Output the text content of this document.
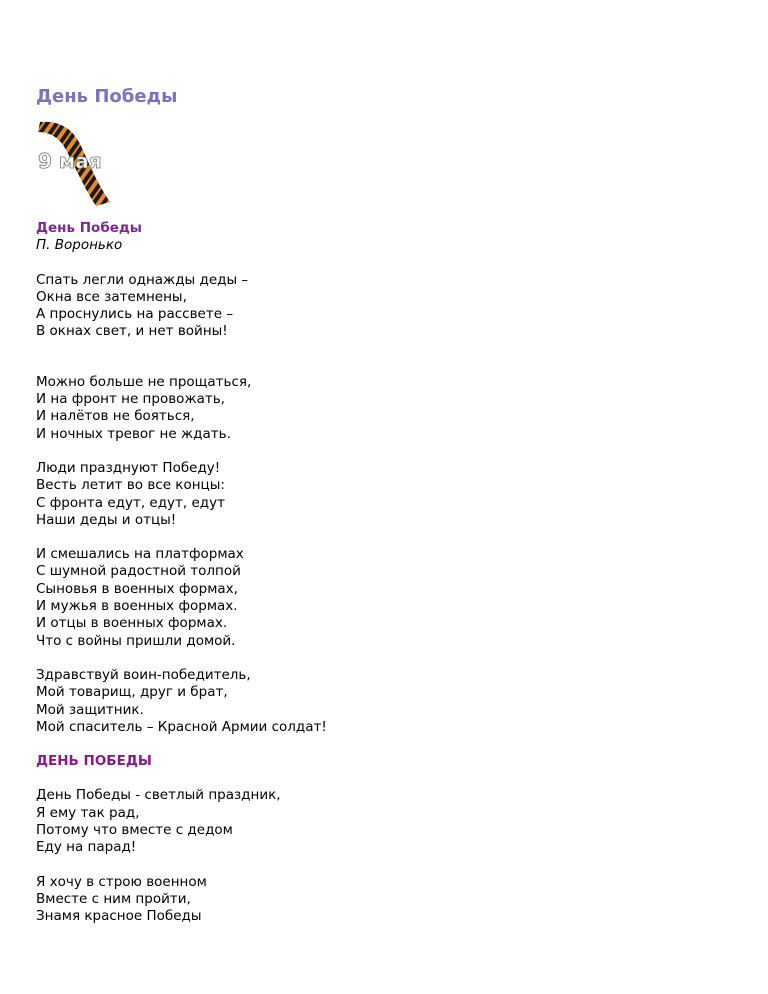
День Победы
9 мая
День Победы

П. Воронько

Спать легли однажды деды –
Окна все затемнены,
А проснулись на рассвете –
В окнах свет, и нет войны!
Можно больше не прощаться,
И на фронт не провожать,
И налётов не бояться,
И ночных тревог не ждать.
Люди празднуют Победу!
Весть летит во все концы:
С фронта едут, едут, едут
Наши деды и отцы!
И смешались на платформах
С шумной радостной толпой
Сыновья в военных формах,
И мужья в военных формах.
И отцы в военных формах.
Что с войны пришли домой.
Здравствуй воин-победитель,
Мой товарищ, друг и брат,
Мой защитник.
Мой спаситель – Красной Армии солдат!
ДЕНЬ ПОБЕДЫ
День Победы - светлый праздник,
Я ему так рад,
Потому что вместе с дедом
Еду на парад!
Я хочу в строю военном
Вместе с ним пройти,
Знамя красное Победы
